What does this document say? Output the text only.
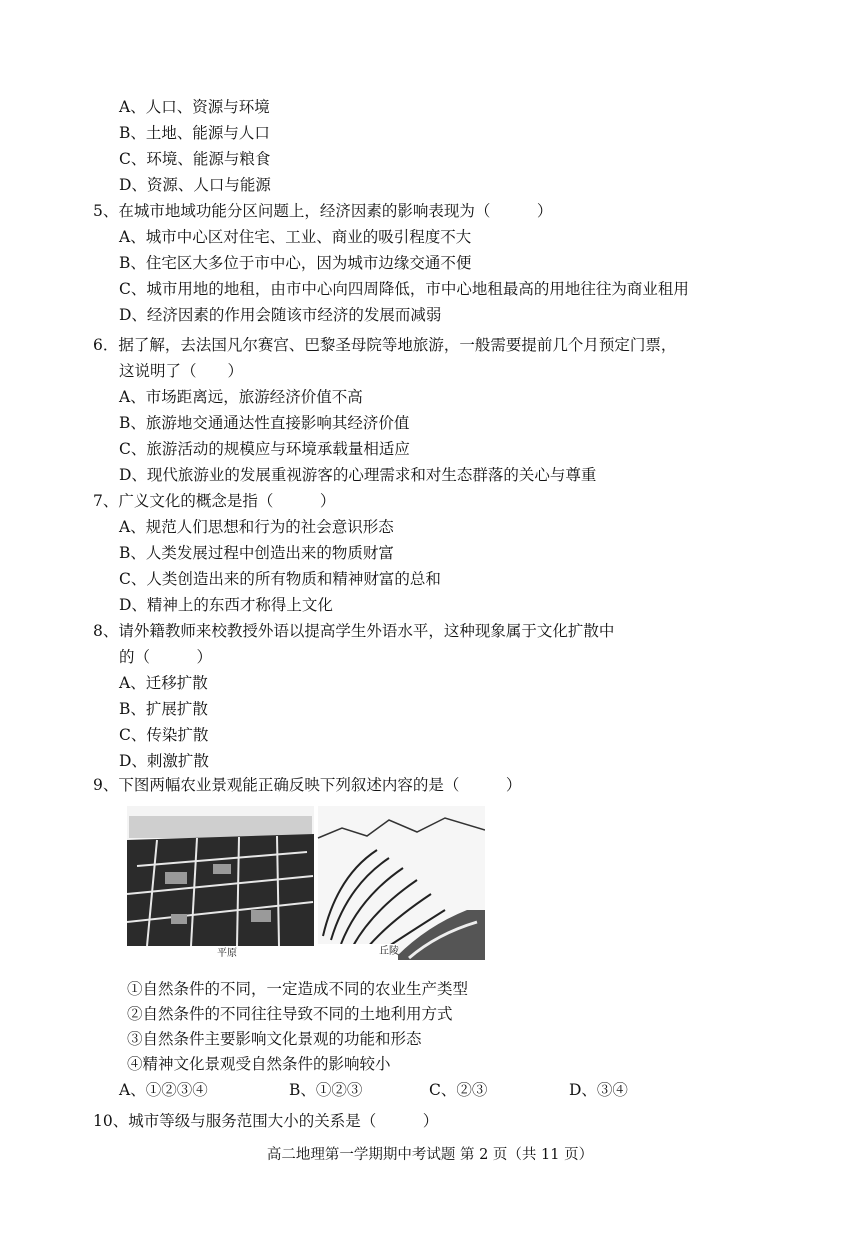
A、人口、资源与环境
B、土地、能源与人口
C、环境、能源与粮食
D、资源、人口与能源
5、在城市地域功能分区问题上，经济因素的影响表现为（　　　）
A、城市中心区对住宅、工业、商业的吸引程度不大
B、住宅区大多位于市中心，因为城市边缘交通不便
C、城市用地的地租，由市中心向四周降低，市中心地租最高的用地往往为商业租用
D、经济因素的作用会随该市经济的发展而减弱
6．据了解，去法国凡尔赛宫、巴黎圣母院等地旅游，一般需要提前几个月预定门票，
这说明了（　　）
A、市场距离远，旅游经济价值不高
B、旅游地交通通达性直接影响其经济价值
C、旅游活动的规模应与环境承载量相适应
D、现代旅游业的发展重视游客的心理需求和对生态群落的关心与尊重
7、广义文化的概念是指（　　　）
A、规范人们思想和行为的社会意识形态
B、人类发展过程中创造出来的物质财富
C、人类创造出来的所有物质和精神财富的总和
D、精神上的东西才称得上文化
8、请外籍教师来校教授外语以提高学生外语水平，这种现象属于文化扩散中
的（　　　）
A、迁移扩散
B、扩展扩散
C、传染扩散
D、刺激扩散
9、下图两幅农业景观能正确反映下列叙述内容的是（　　　）
平原	丘陵
①自然条件的不同，一定造成不同的农业生产类型
②自然条件的不同往往导致不同的土地利用方式
③自然条件主要影响文化景观的功能和形态
④精神文化景观受自然条件的影响较小
A、①②③④	B、①②③	C、②③	D、③④
10、城市等级与服务范围大小的关系是（　　　）
高二地理第一学期期中考试题 第 2 页（共 11 页）
